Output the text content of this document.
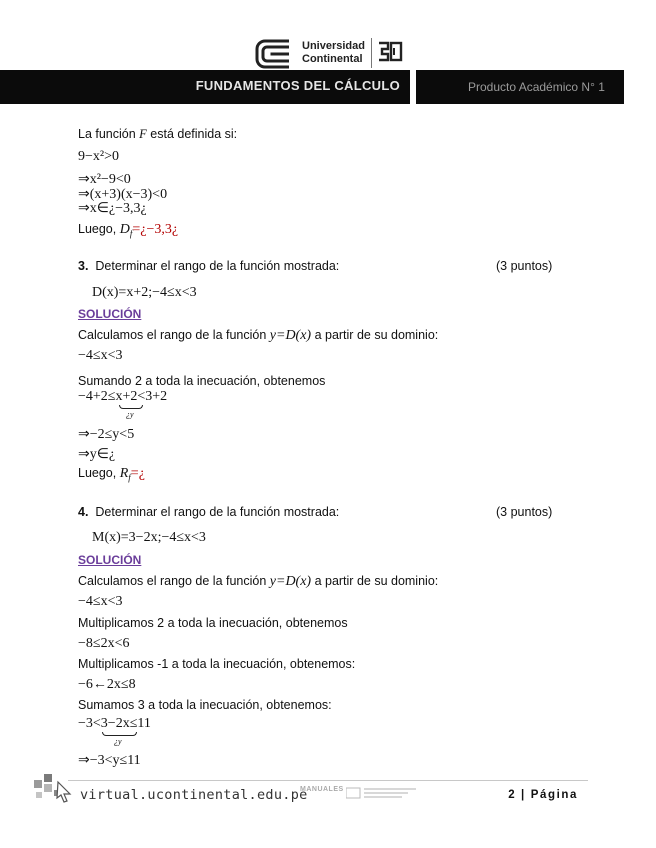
Universidad
Continental
FUNDAMENTOS DEL CÁLCULO	Producto Académico N° 1
La función F está definida si:
9−x²>0
⇒x²−9<0
⇒(x+3)(x−3)<0
⇒x∈¿−3,3¿
Luego, $D_f=¿-3,3¿$
3. Determinar el rango de la función mostrada:	(3 puntos)
D(x)=x+2;−4≤x<3
SOLUCIÓN
Calculamos el rango de la función y=D(x) a partir de su dominio:
−4≤x<3
Sumando 2 a toda la inecuación, obtenemos
−4+2≤x+2<3+2
¿y
⇒−2≤y<5
⇒y∈¿
Luego, $R_f=¿$
4. Determinar el rango de la función mostrada:	(3 puntos)
M(x)=3−2x;−4≤x<3
SOLUCIÓN
Calculamos el rango de la función y=D(x) a partir de su dominio:
−4≤x<3
Multiplicamos 2 a toda la inecuación, obtenemos
−8≤2x<6
Multiplicamos -1 a toda la inecuación, obtenemos:
−6←2x≤8
Sumamos 3 a toda la inecuación, obtenemos:
−3<3−2x≤11
¿y
⇒−3<y≤11
virtual.ucontinental.edu.pe
MANUALES	2 | Página
